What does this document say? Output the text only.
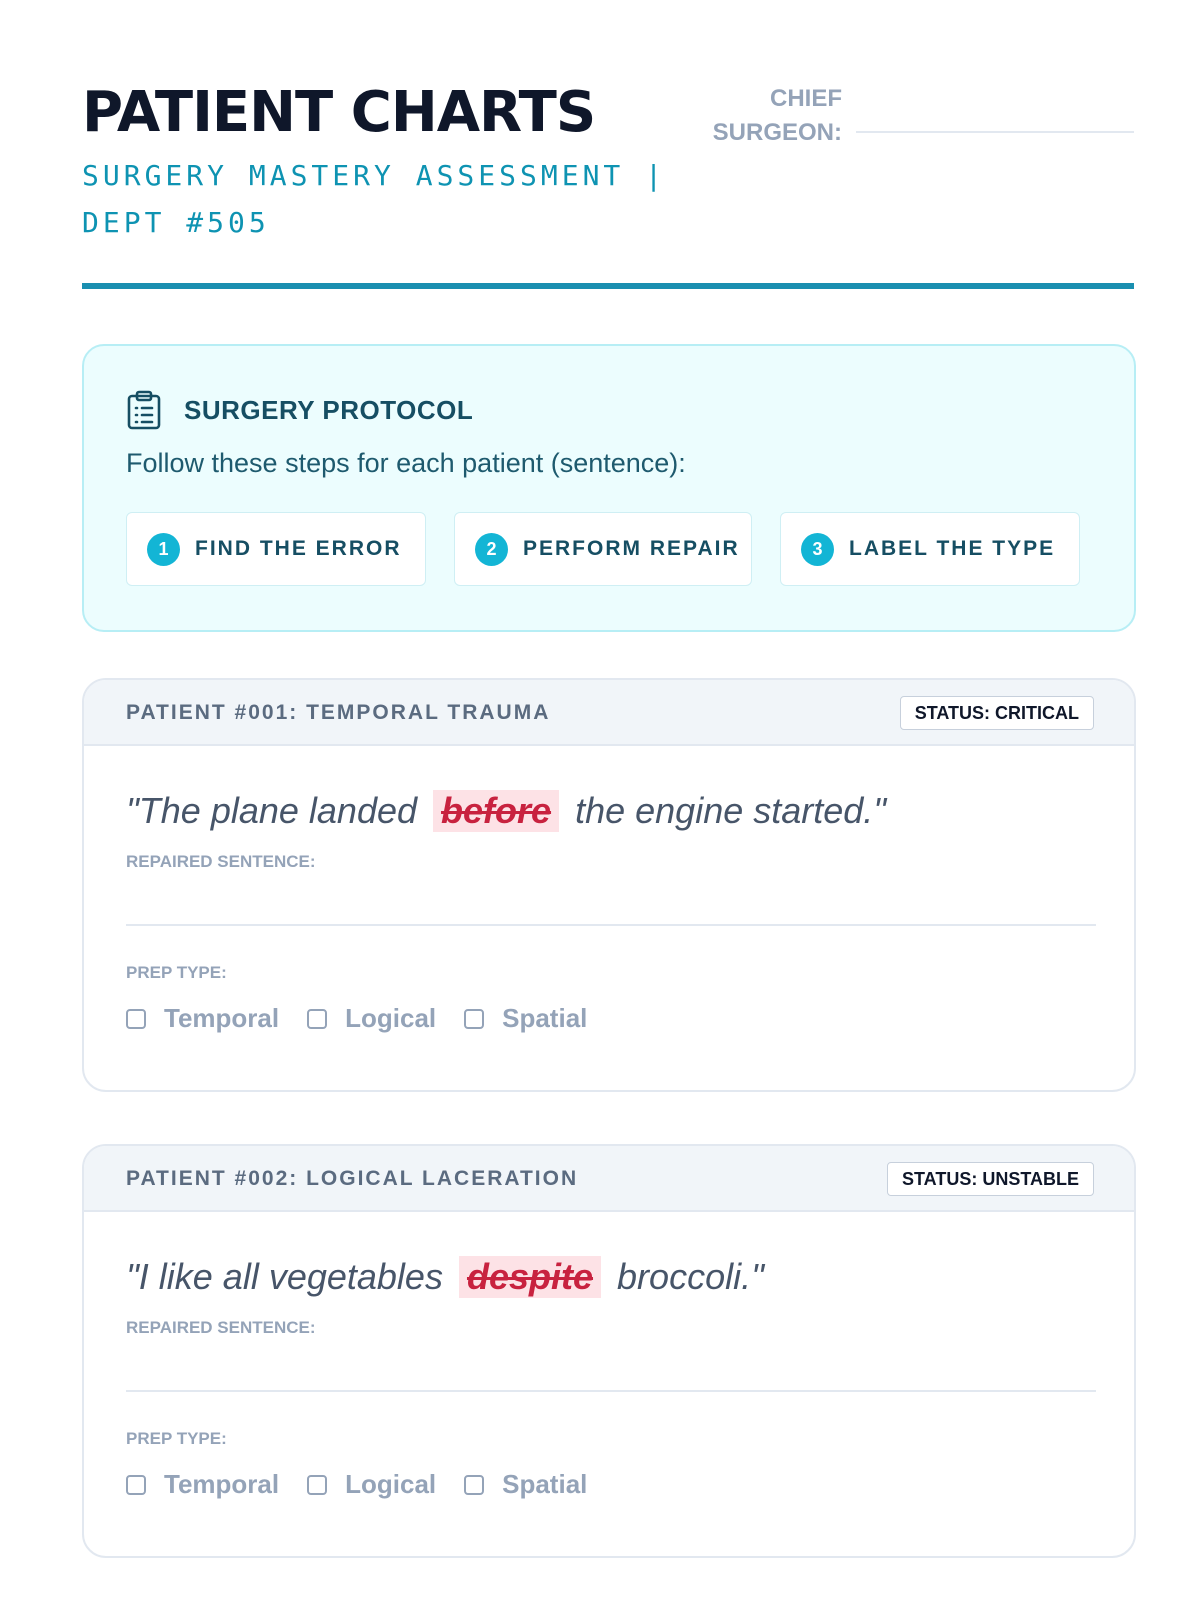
PATIENT CHARTS

SURGERY MASTERY ASSESSMENT | DEPT #505

CHIEF SURGEON:
SURGERY PROTOCOL

Follow these steps for each patient (sentence):

1	FIND THE ERROR	2	PERFORM REPAIR	3	LABEL THE TYPE
PATIENT #001: TEMPORAL TRAUMA	STATUS: CRITICAL
"The plane landed before the engine started."
REPAIRED SENTENCE:
PREP TYPE:
Temporal	Logical	Spatial
PATIENT #002: LOGICAL LACERATION	STATUS: UNSTABLE
"I like all vegetables despite broccoli."
REPAIRED SENTENCE:
PREP TYPE:
Temporal	Logical	Spatial
